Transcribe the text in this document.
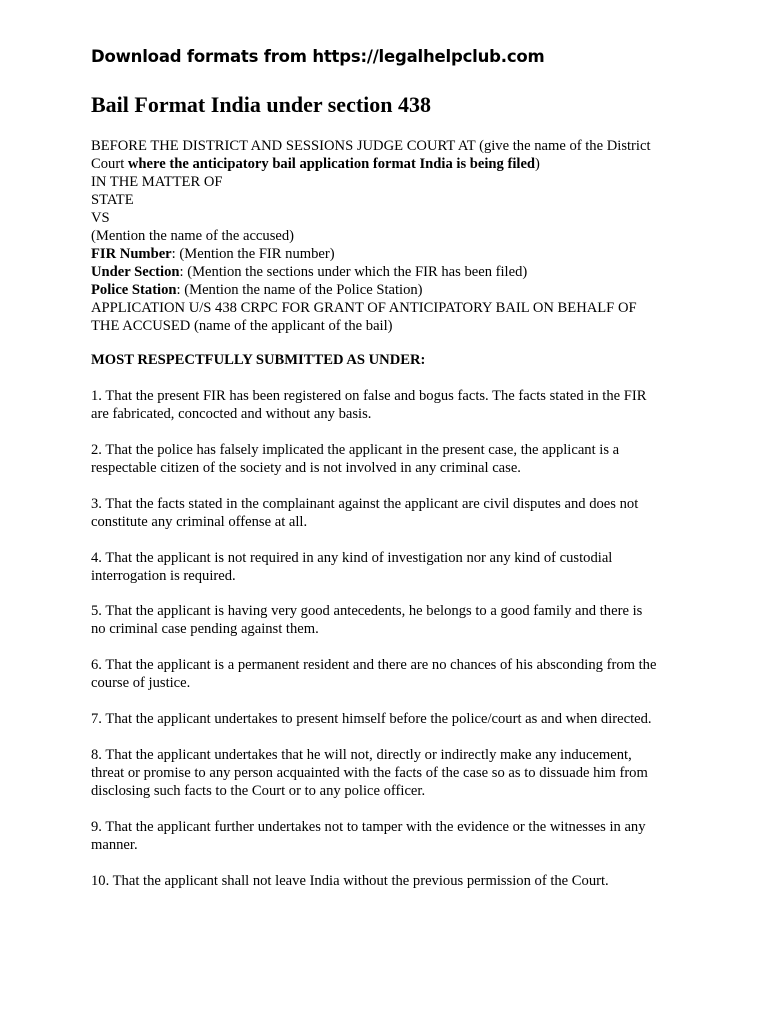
Download formats from https://legalhelpclub.com
Bail Format India under section 438
BEFORE THE DISTRICT AND SESSIONS JUDGE COURT AT (give the name of the District
Court where the anticipatory bail application format India is being filed)
IN THE MATTER OF
STATE
VS
(Mention the name of the accused)
FIR Number: (Mention the FIR number)
Under Section: (Mention the sections under which the FIR has been filed)
Police Station: (Mention the name of the Police Station)
APPLICATION U/S 438 CRPC FOR GRANT OF ANTICIPATORY BAIL ON BEHALF OF
THE ACCUSED (name of the applicant of the bail)
MOST RESPECTFULLY SUBMITTED AS UNDER:
1. That the present FIR has been registered on false and bogus facts. The facts stated in the FIR
are fabricated, concocted and without any basis.
2. That the police has falsely implicated the applicant in the present case, the applicant is a
respectable citizen of the society and is not involved in any criminal case.
3. That the facts stated in the complainant against the applicant are civil disputes and does not
constitute any criminal offense at all.
4. That the applicant is not required in any kind of investigation nor any kind of custodial
interrogation is required.
5. That the applicant is having very good antecedents, he belongs to a good family and there is
no criminal case pending against them.
6. That the applicant is a permanent resident and there are no chances of his absconding from the
course of justice.
7. That the applicant undertakes to present himself before the police/court as and when directed.
8. That the applicant undertakes that he will not, directly or indirectly make any inducement,
threat or promise to any person acquainted with the facts of the case so as to dissuade him from
disclosing such facts to the Court or to any police officer.
9. That the applicant further undertakes not to tamper with the evidence or the witnesses in any
manner.
10. That the applicant shall not leave India without the previous permission of the Court.
